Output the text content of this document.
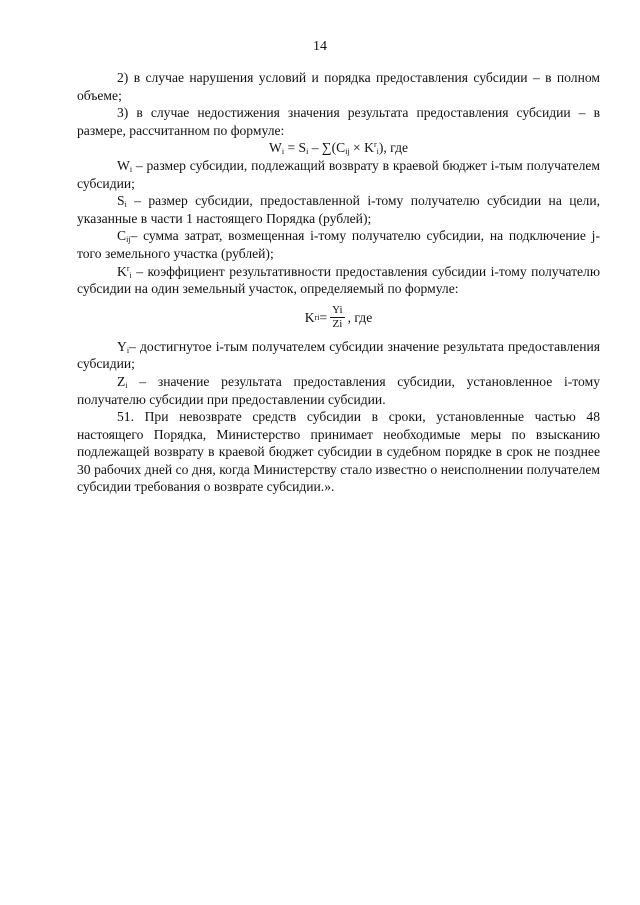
14

2) в случае нарушения условий и порядка предоставления субсидии – в полном объеме;

3) в случае недостижения значения результата предоставления субсидии – в размере, рассчитанном по формуле:

$W_i = S_i - \sum(C_{ij} \times K^r_i)$, где

$W_i$ – размер субсидии, подлежащий возврату в краевой бюджет i-тым получателем субсидии;

$S_i$ – размер субсидии, предоставленной i-тому получателю субсидии на цели, указанные в части 1 настоящего Порядка (рублей);

$C_{ij}-$ сумма затрат, возмещенная i-тому получателю субсидии, на подключение j-того земельного участка (рублей);

$K^r_i$ – коэффициент результативности предоставления субсидии i-тому получателю субсидии на один земельный участок, определяемый по формуле:

K r $i = \frac{Yi}{Zi}$ , где

$Y_i-$ достигнутое i-тым получателем субсидии значение результата предоставления субсидии;

$Z_i$ – значение результата предоставления субсидии, установленное i-тому получателю субсидии при предоставлении субсидии.

51. При невозврате средств субсидии в сроки, установленные частью 48 настоящего Порядка, Министерство принимает необходимые меры по взысканию подлежащей возврату в краевой бюджет субсидии в судебном порядке в срок не позднее 30 рабочих дней со дня, когда Министерству стало известно о неисполнении получателем субсидии требования о возврате субсидии.».
